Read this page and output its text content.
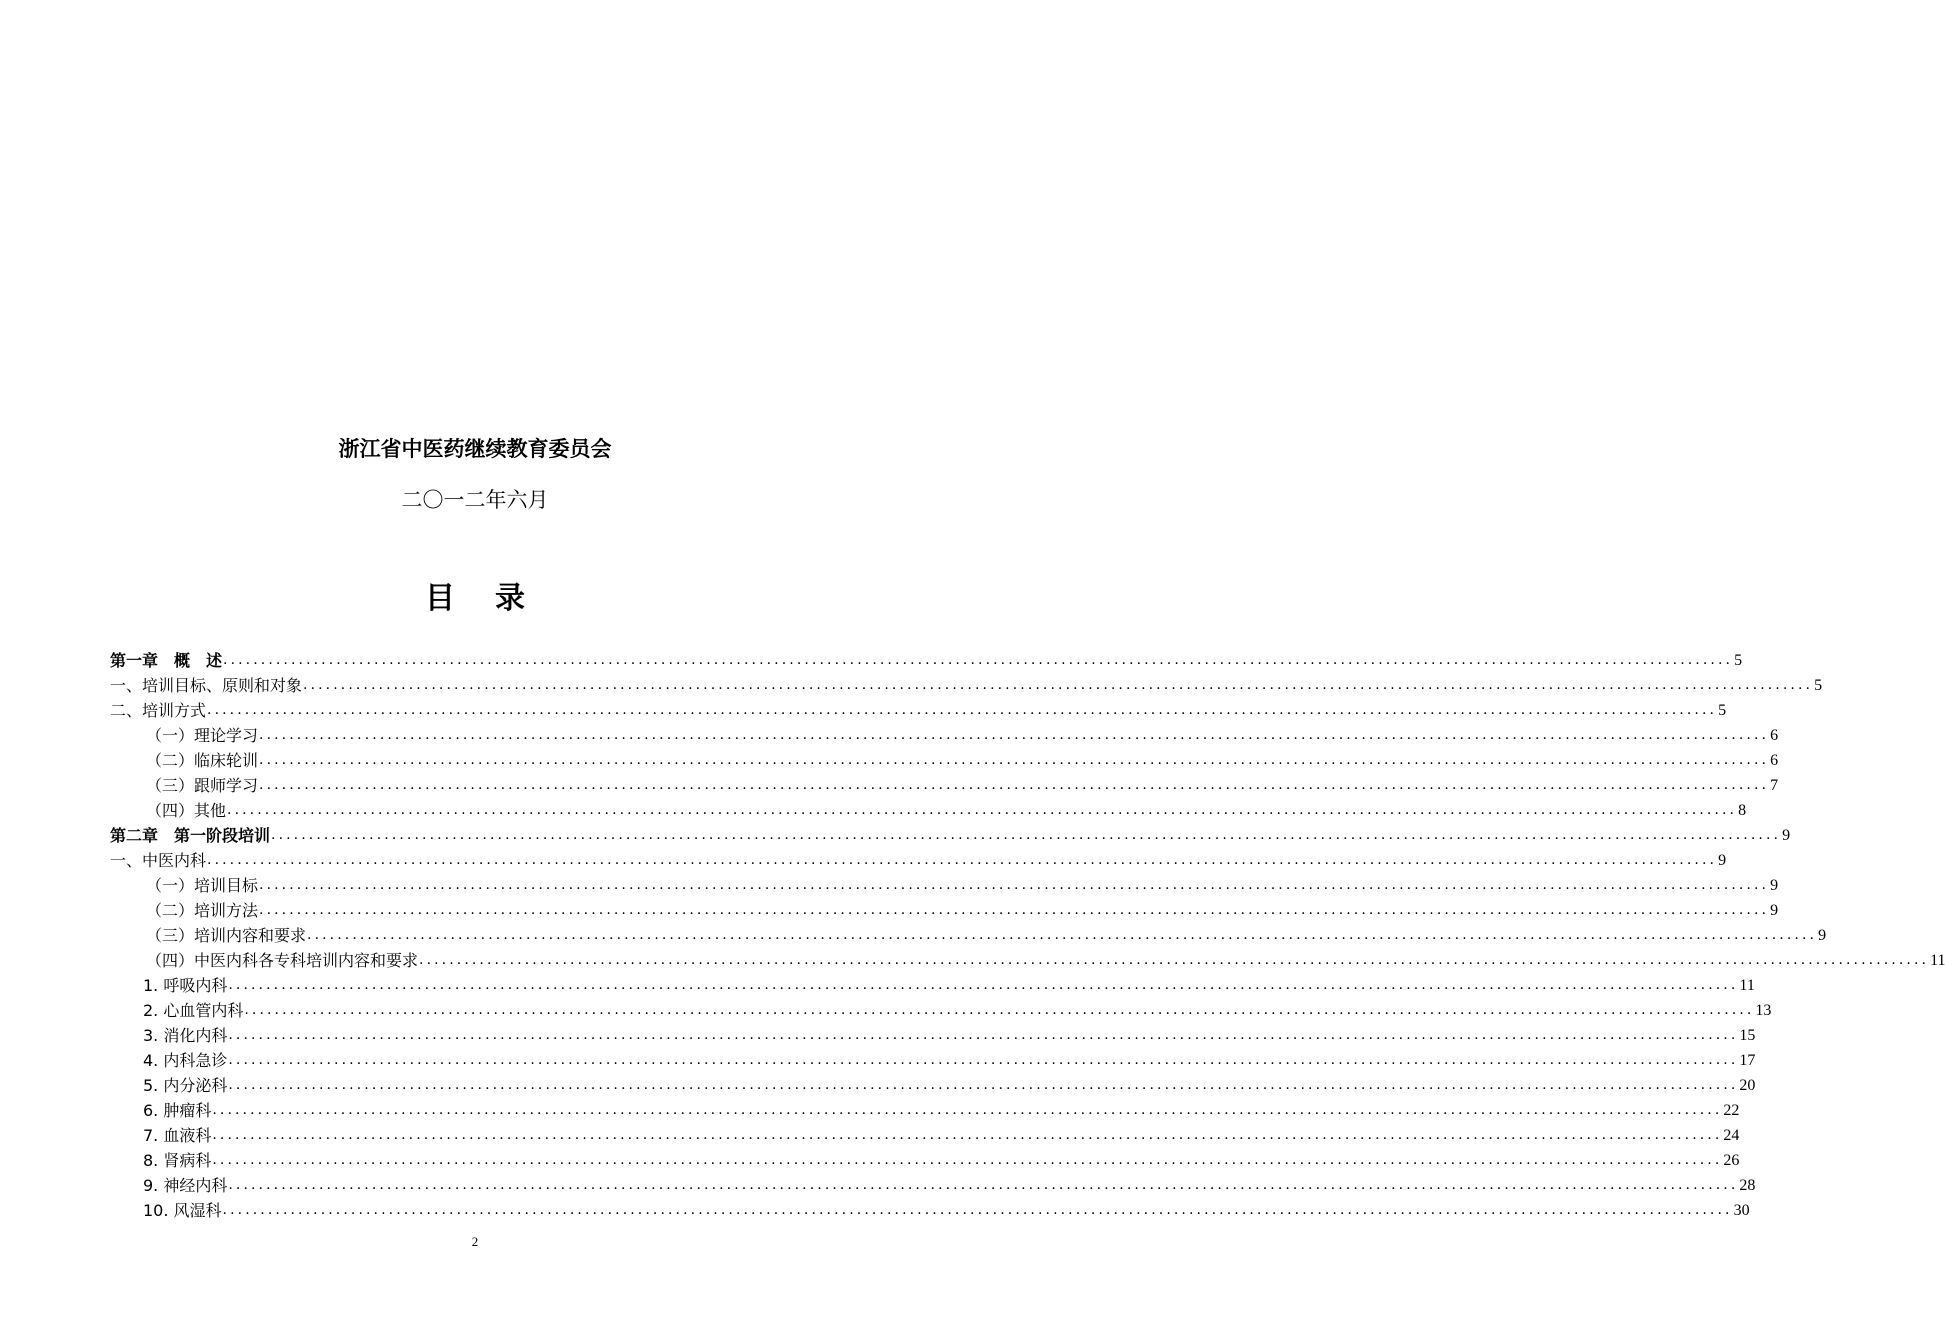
浙江省中医药继续教育委员会
二〇一二年六月
目录
第一章　概　述 ........................................................................................................................................................................................................ 5
一、培训目标、原则和对象 ........................................................................................................................................................................................................ 5
二、培训方式 ........................................................................................................................................................................................................ 5
（一）理论学习 ........................................................................................................................................................................................................ 6
（二）临床轮训 ........................................................................................................................................................................................................ 6
（三）跟师学习 ........................................................................................................................................................................................................ 7
（四）其他 ........................................................................................................................................................................................................ 8
第二章　第一阶段培训 ........................................................................................................................................................................................................ 9
一、中医内科 ........................................................................................................................................................................................................ 9
（一）培训目标 ........................................................................................................................................................................................................ 9
（二）培训方法 ........................................................................................................................................................................................................ 9
（三）培训内容和要求 ........................................................................................................................................................................................................ 9
（四）中医内科各专科培训内容和要求 ........................................................................................................................................................................................................ 11
1. 呼吸内科 ........................................................................................................................................................................................................ 11
2. 心血管内科 ........................................................................................................................................................................................................ 13
3. 消化内科 ........................................................................................................................................................................................................ 15
4. 内科急诊 ........................................................................................................................................................................................................ 17
5. 内分泌科 ........................................................................................................................................................................................................ 20
6. 肿瘤科 ........................................................................................................................................................................................................ 22
7. 血液科 ........................................................................................................................................................................................................ 24
8. 肾病科 ........................................................................................................................................................................................................ 26
9. 神经内科 ........................................................................................................................................................................................................ 28
10. 风湿科 ........................................................................................................................................................................................................ 30
2
